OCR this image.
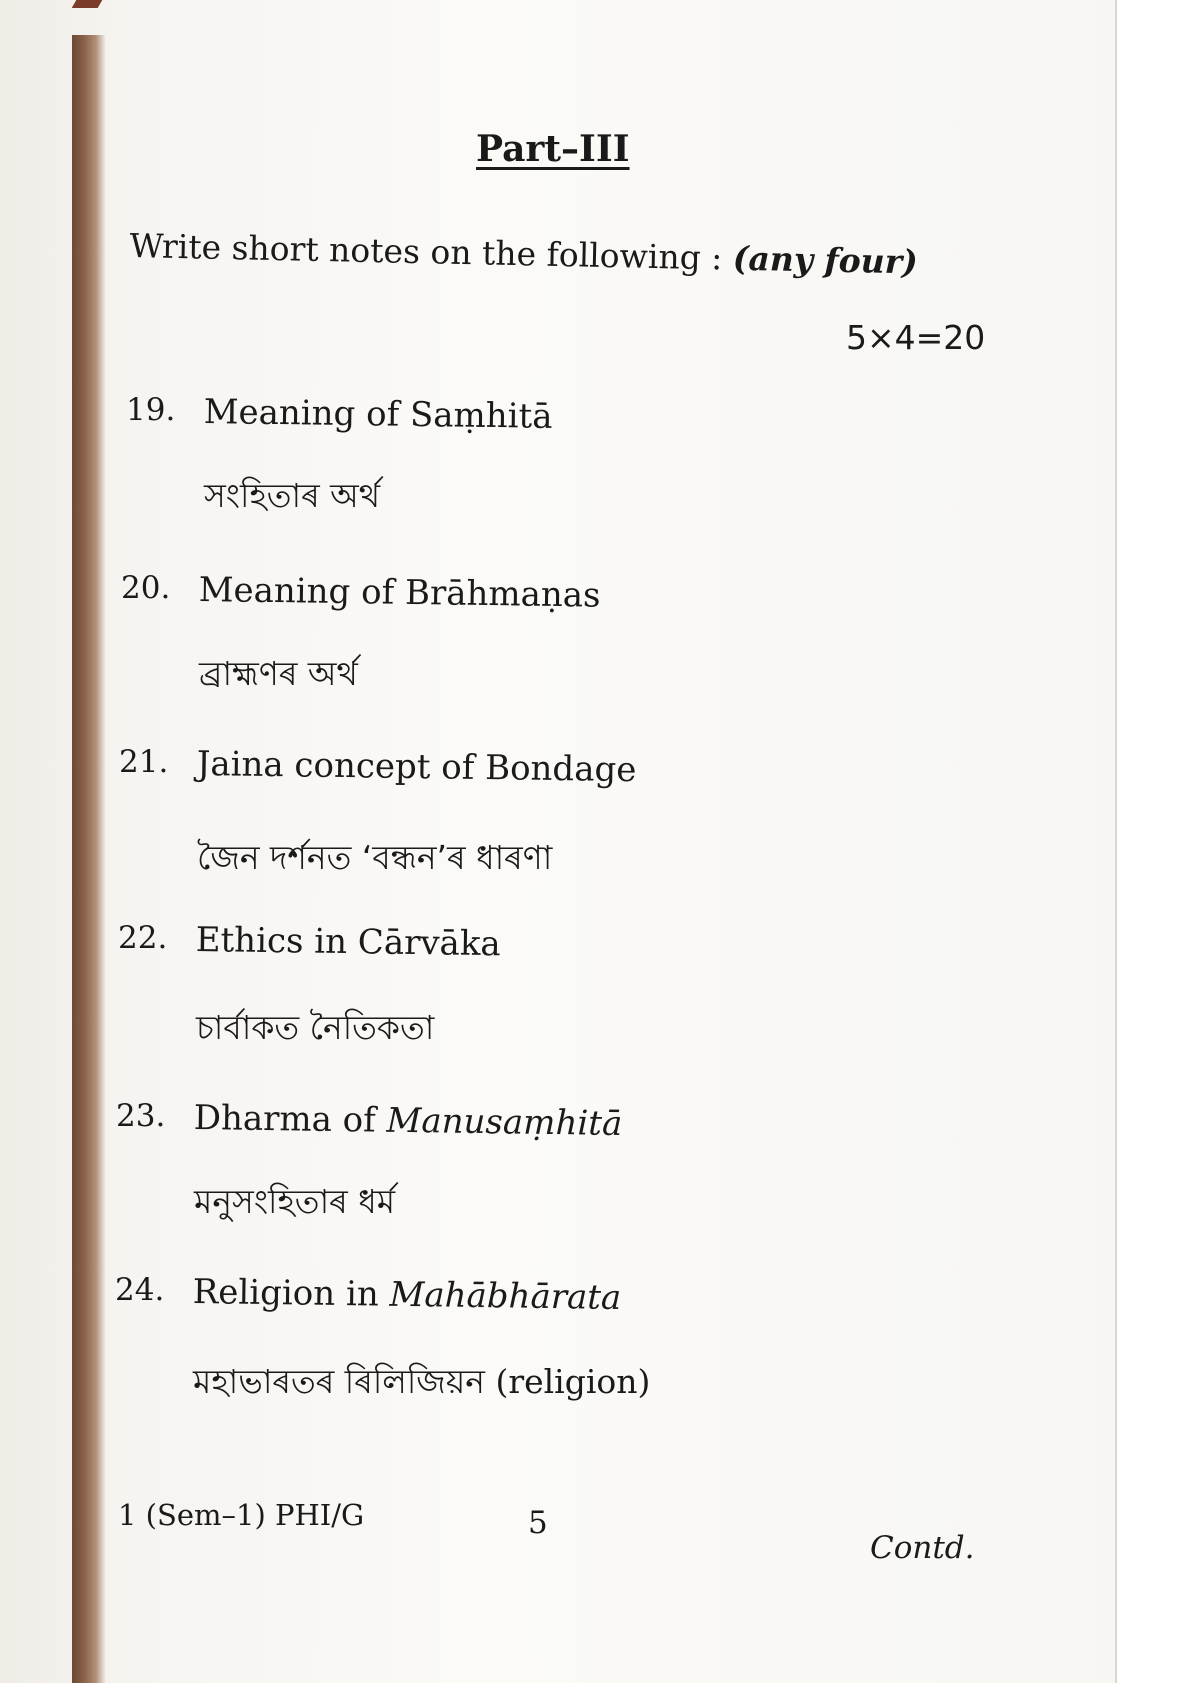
Part–III
Write short notes on the following : (any four)
5×4=20
19. Meaning of Saṃhitā
সংহিতাৰ অৰ্থ
20. Meaning of Brāhmaṇas
ব্ৰাহ্মণৰ অৰ্থ
21. Jaina concept of Bondage
জৈন দৰ্শনত ‘বন্ধন’ৰ ধাৰণা
22. Ethics in Cārvāka
চাৰ্বাকত নৈতিকতা
23. Dharma of Manusaṃhitā
মনুসংহিতাৰ ধৰ্ম
24. Religion in Mahābhārata
মহাভাৰতৰ ৰিলিজিয়ন (religion)
1 (Sem–1) PHI/G	5
Contd.
